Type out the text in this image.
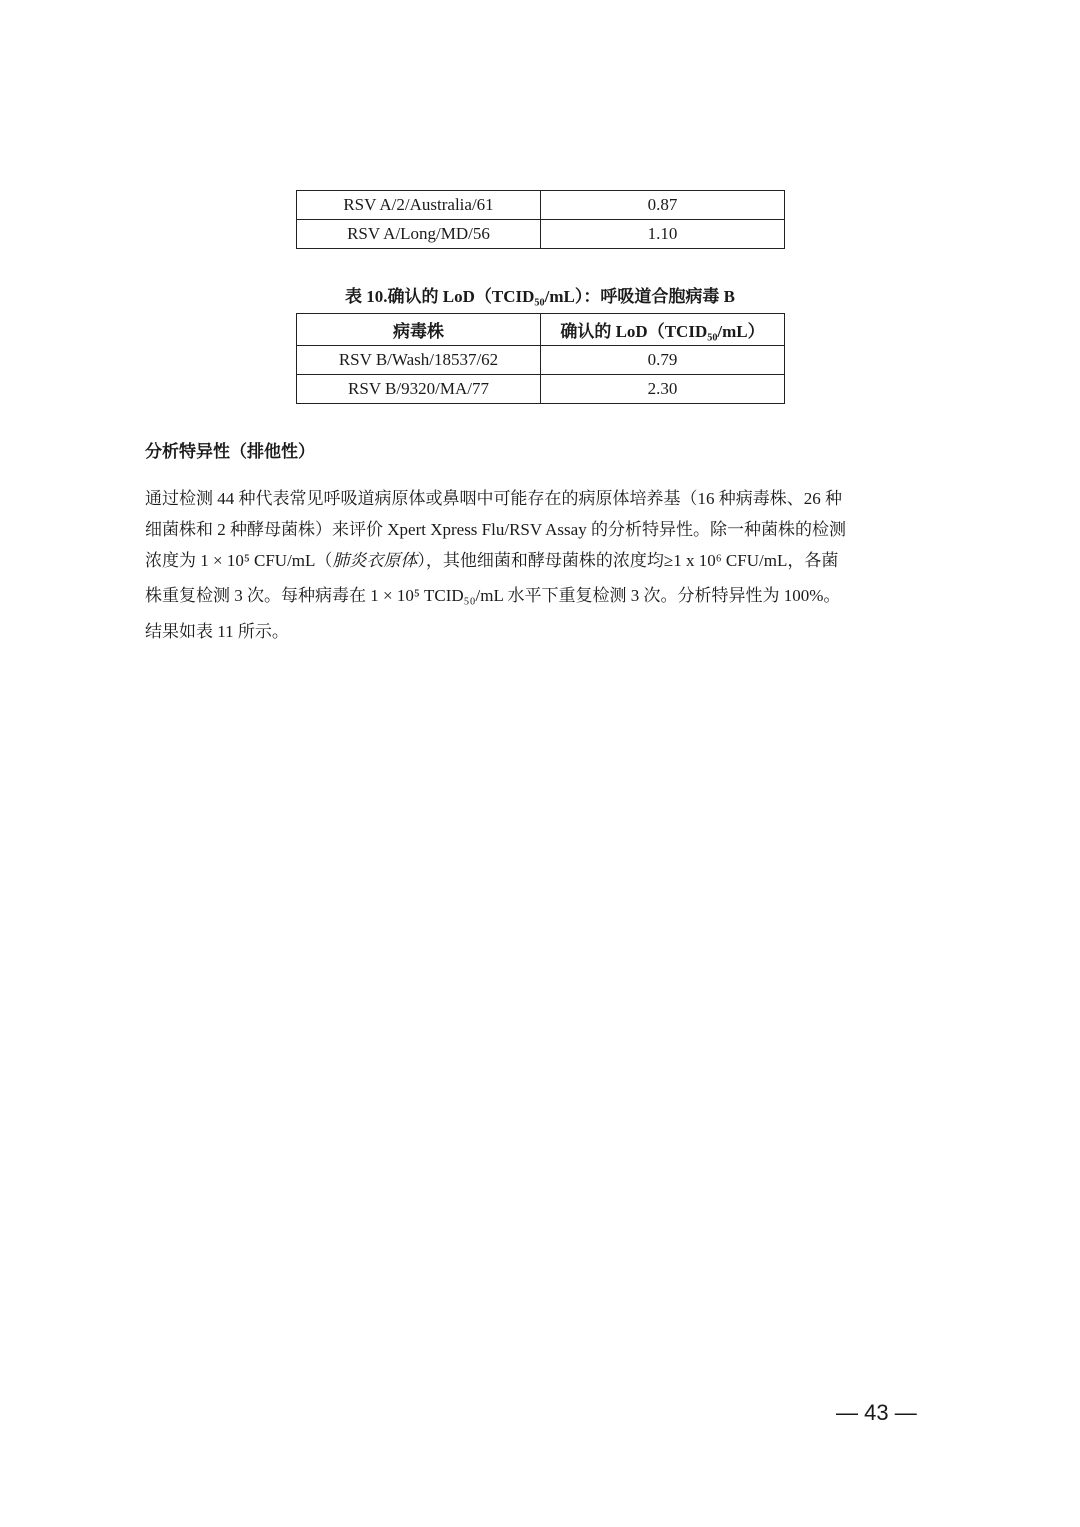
RSV A/2/Australia/61	0.87
RSV A/Long/MD/56	1.10
表 10.确认的 LoD（TCID₅₀/mL）：呼吸道合胞病毒 B
病毒株	确认的 LoD（TCID₅₀/mL）
RSV B/Wash/18537/62	0.79
RSV B/9320/MA/77	2.30
分析特异性（排他性）
通过检测 44 种代表常见呼吸道病原体或鼻咽中可能存在的病原体培养基（16 种病毒株、26 种
细菌株和 2 种酵母菌株）来评价 Xpert Xpress Flu/RSV Assay 的分析特异性。除一种菌株的检测
浓度为 1 × 10⁵ CFU/mL（肺炎衣原体），其他细菌和酵母菌株的浓度均≥1 x 10⁶ CFU/mL，各菌
株重复检测 3 次。每种病毒在 1 × 10⁵ TCID₅₀/mL 水平下重复检测 3 次。分析特异性为 100%。
结果如表 11 所示。
— 43 —
